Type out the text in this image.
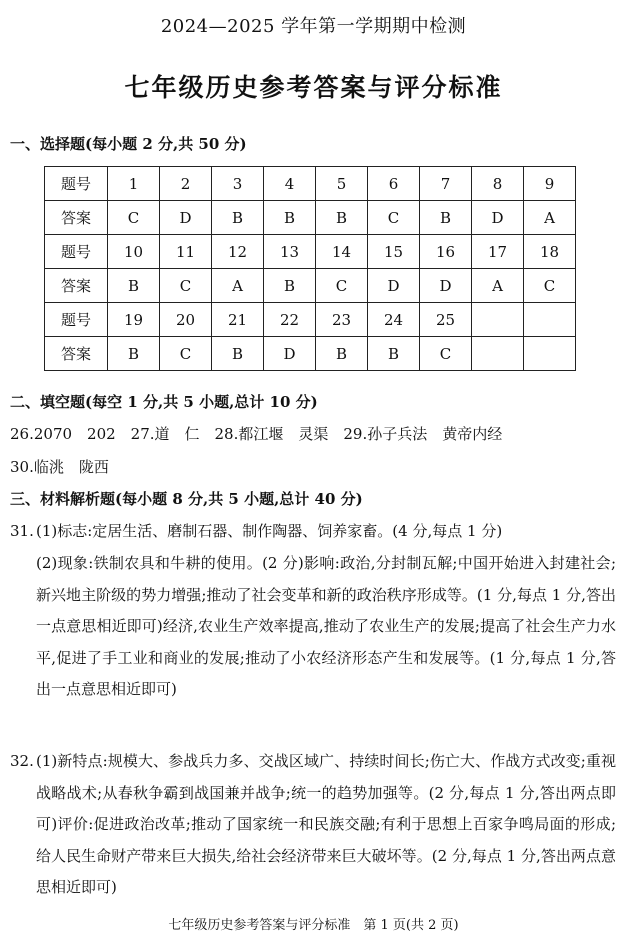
2024—2025 学年第一学期期中检测
七年级历史参考答案与评分标准
一、选择题(每小题 2 分,共 50 分)
题号	1	2	3	4	5	6	7	8	9
答案	C	D	B	B	B	C	B	D	A
题号	10	11	12	13	14	15	16	17	18
答案	B	C	A	B	C	D	D	A	C
题号	19	20	21	22	23	24	25		
答案	B	C	B	D	B	B	C		
二、填空题(每空 1 分,共 5 小题,总计 10 分)
26.2070　202　27.道　仁　28.都江堰　灵渠　29.孙子兵法　黄帝内经
30.临洮　陇西
三、材料解析题(每小题 8 分,共 5 小题,总计 40 分)
31. (1)标志:定居生活、磨制石器、制作陶器、饲养家畜。(4 分,每点 1 分)
(2)现象:铁制农具和牛耕的使用。(2 分)影响:政治,分封制瓦解;中国开始进入封建社会;新兴地主阶级的势力增强;推动了社会变革和新的政治秩序形成等。(1 分,每点 1 分,答出一点意思相近即可)经济,农业生产效率提高,推动了农业生产的发展;提高了社会生产力水平,促进了手工业和商业的发展;推动了小农经济形态产生和发展等。(1 分,每点 1 分,答出一点意思相近即可)
32. (1)新特点:规模大、参战兵力多、交战区域广、持续时间长;伤亡大、作战方式改变;重视战略战术;从春秋争霸到战国兼并战争;统一的趋势加强等。(2 分,每点 1 分,答出两点即可)评价:促进政治改革;推动了国家统一和民族交融;有利于思想上百家争鸣局面的形成;给人民生命财产带来巨大损失,给社会经济带来巨大破坏等。(2 分,每点 1 分,答出两点意思相近即可)
七年级历史参考答案与评分标准　第 1 页(共 2 页)
